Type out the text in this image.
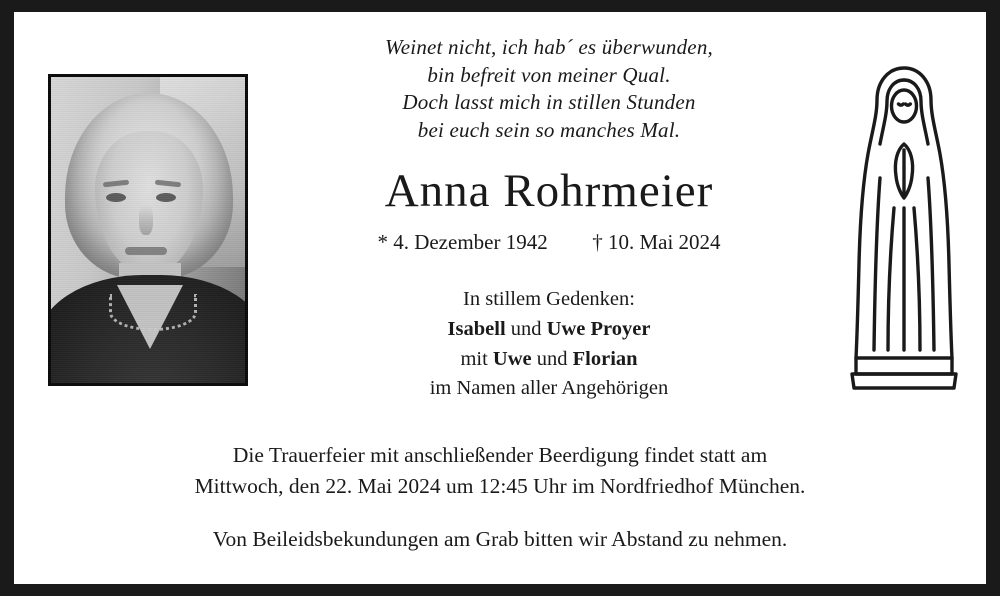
Weinet nicht, ich hab´ es überwunden,
bin befreit von meiner Qual.
Doch lasst mich in stillen Stunden
bei euch sein so manches Mal.
Anna Rohrmeier
* 4. Dezember 1942 † 10. Mai 2024
In stillem Gedenken:
Isabell und Uwe Proyer
mit Uwe und Florian
im Namen aller Angehörigen
Die Trauerfeier mit anschließender Beerdigung findet statt am
Mittwoch, den 22. Mai 2024 um 12:45 Uhr im Nordfriedhof München.
Von Beileidsbekundungen am Grab bitten wir Abstand zu nehmen.
